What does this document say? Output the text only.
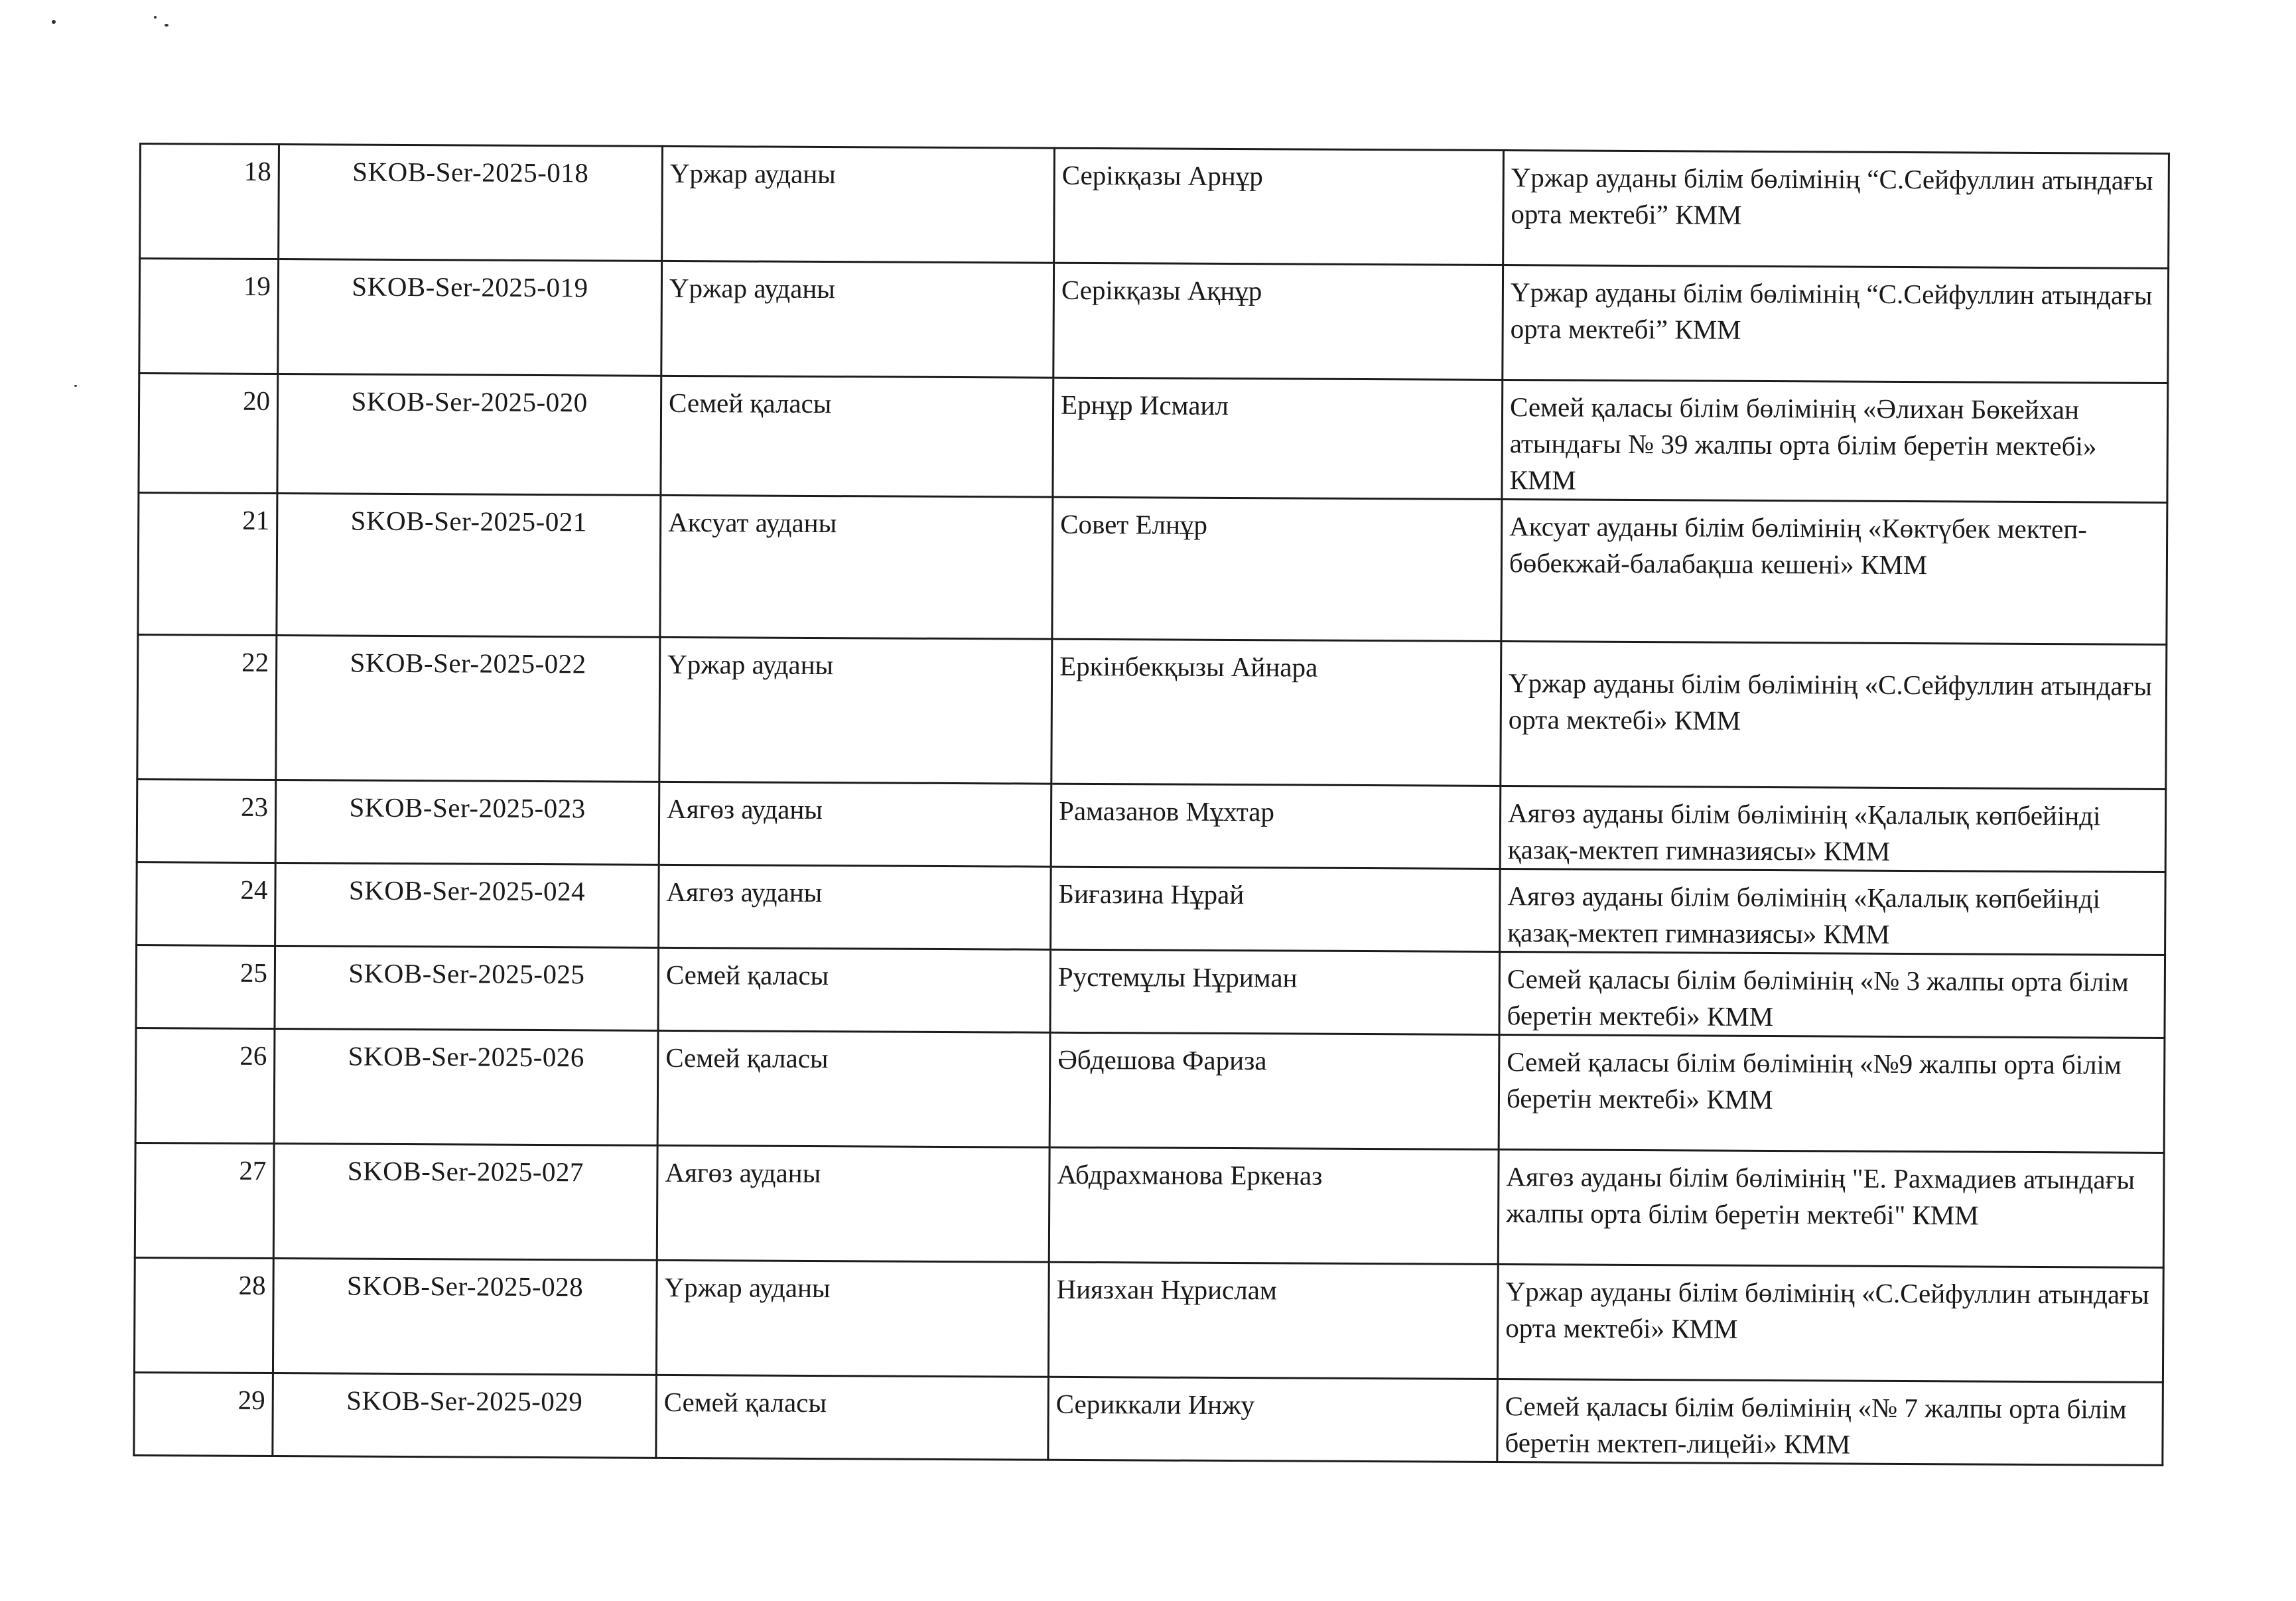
18	SKOB-Ser-2025-018	Үржар ауданы	Серікқазы Арнұр	Үржар ауданы білім бөлімінің “С.Сейфуллин атындағы орта мектебі” КММ
19	SKOB-Ser-2025-019	Үржар ауданы	Серікқазы Ақнұр	Үржар ауданы білім бөлімінің “С.Сейфуллин атындағы орта мектебі” КММ
20	SKOB-Ser-2025-020	Семей қаласы	Ернұр Исмаил	Семей қаласы білім бөлімінің «Әлихан Бөкейхан атындағы № 39 жалпы орта білім беретін мектебі» КММ
21	SKOB-Ser-2025-021	Аксуат ауданы	Совет Елнұр	Аксуат ауданы білім бөлімінің «Көктүбек мектеп-бөбекжай-балабақша кешені» КММ
22	SKOB-Ser-2025-022	Үржар ауданы	Еркінбекқызы Айнара	Үржар ауданы білім бөлімінің «С.Сейфуллин атындағы орта мектебі» КММ
23	SKOB-Ser-2025-023	Аягөз ауданы	Рамазанов Мұхтар	Аягөз ауданы білім бөлімінің «Қалалық көпбейінді қазақ-мектеп гимназиясы» КММ
24	SKOB-Ser-2025-024	Аягөз ауданы	Биғазина Нұрай	Аягөз ауданы білім бөлімінің «Қалалық көпбейінді қазақ-мектеп гимназиясы» КММ
25	SKOB-Ser-2025-025	Семей қаласы	Рустемұлы Нұриман	Семей қаласы білім бөлімінің «№ 3 жалпы орта білім беретін мектебі» КММ
26	SKOB-Ser-2025-026	Семей қаласы	Әбдешова Фариза	Семей қаласы білім бөлімінің «№9 жалпы орта білім беретін мектебі» КММ
27	SKOB-Ser-2025-027	Аягөз ауданы	Абдрахманова Еркеназ	Аягөз ауданы білім бөлімінің "Е. Рахмадиев атындағы жалпы орта білім беретін мектебі" КММ
28	SKOB-Ser-2025-028	Үржар ауданы	Ниязхан Нұрислам	Үржар ауданы білім бөлімінің «С.Сейфуллин атындағы орта мектебі» КММ
29	SKOB-Ser-2025-029	Семей қаласы	Сериккали Инжу	Семей қаласы білім бөлімінің «№ 7 жалпы орта білім беретін мектеп-лицейі» КММ
